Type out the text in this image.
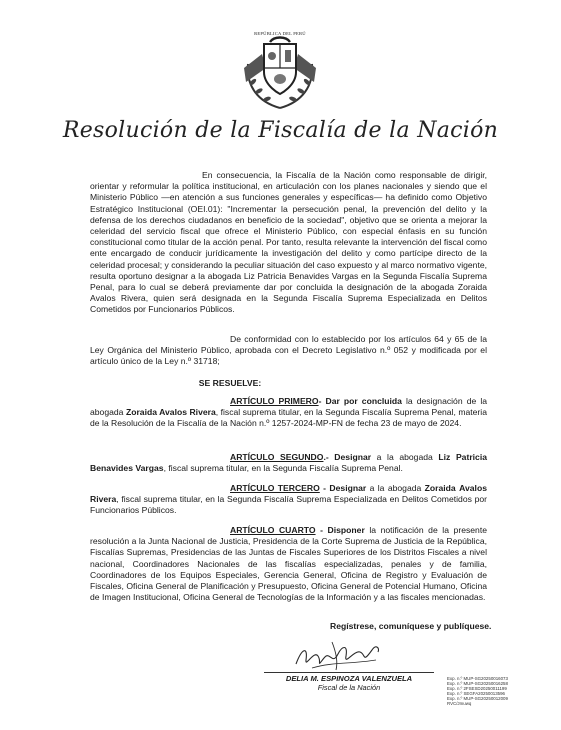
REPÚBLICA DEL PERÚ
Resolución de la Fiscalía de la Nación
En consecuencia, la Fiscalía de la Nación como responsable de dirigir, orientar y reformular la política institucional, en articulación con los planes nacionales y siendo que el Ministerio Público —en atención a sus funciones generales y específicas— ha definido como Objetivo Estratégico Institucional (OEI.01): "Incrementar la persecución penal, la prevención del delito y la defensa de los derechos ciudadanos en beneficio de la sociedad", objetivo que se orienta a mejorar la celeridad del servicio fiscal que ofrece el Ministerio Público, con especial énfasis en su función constitucional como titular de la acción penal. Por tanto, resulta relevante la intervención del fiscal como ente encargado de conducir jurídicamente la investigación del delito y como partícipe directo de la celeridad procesal; y considerando la peculiar situación del caso expuesto y al marco normativo vigente, resulta oportuno designar a la abogada Liz Patricia Benavides Vargas en la Segunda Fiscalía Suprema Penal, para lo cual se deberá previamente dar por concluida la designación de la abogada Zoraida Avalos Rivera, quien será designada en la Segunda Fiscalía Suprema Especializada en Delitos Cometidos por Funcionarios Públicos.
De conformidad con lo establecido por los artículos 64 y 65 de la Ley Orgánica del Ministerio Público, aprobada con el Decreto Legislativo n.º 052 y modificada por el artículo único de la Ley n.º 31718;
SE RESUELVE:
ARTÍCULO PRIMERO- Dar por concluida la designación de la abogada Zoraida Avalos Rivera, fiscal suprema titular, en la Segunda Fiscalía Suprema Penal, materia de la Resolución de la Fiscalía de la Nación n.º 1257-2024-MP-FN de fecha 23 de mayo de 2024.
ARTÍCULO SEGUNDO.- Designar a la abogada Liz Patricia Benavides Vargas, fiscal suprema titular, en la Segunda Fiscalía Suprema Penal.
ARTÍCULO TERCERO - Designar a la abogada Zoraida Avalos Rivera, fiscal suprema titular, en la Segunda Fiscalía Suprema Especializada en Delitos Cometidos por Funcionarios Públicos.
ARTÍCULO CUARTO - Disponer la notificación de la presente resolución a la Junta Nacional de Justicia, Presidencia de la Corte Suprema de Justicia de la República, Fiscalías Supremas, Presidencias de las Juntas de Fiscales Superiores de los Distritos Fiscales a nivel nacional, Coordinadores Nacionales de las fiscalías especializadas, penales y de familia, Coordinadores de los Equipos Especiales, Gerencia General, Oficina de Registro y Evaluación de Fiscales, Oficina General de Planificación y Presupuesto, Oficina General de Potencial Humano, Oficina de Imagen Institucional, Oficina General de Tecnologías de la Información y a las fiscales mencionadas.
Regístrese, comuníquese y publíquese.
DELIA M. ESPINOZA VALENZUELA
Fiscal de la Nación
Exp. n.º MUP-SG20250016073
Exp. n.º MUP-SG20250016258
Exp. n.º 2FSESD20250011199
Exp. n.º SEGFA20250013596
Exp. n.º MUP-SG20250012009
RVC/Jmuwq
